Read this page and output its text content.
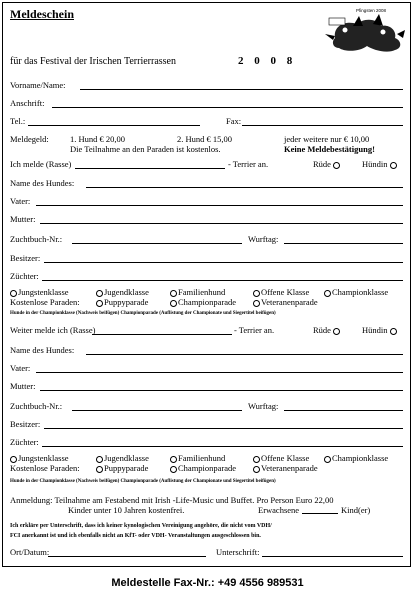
Meldeschein
für das Festival der Irischen Terrierrassen	2 0 0 8
Pfingsten 2008
Vorname/Name:
Anschrift:
Tel.:	Fax:
Meldegeld:	1. Hund € 20,00	2. Hund € 15,00	jeder weitere nur € 10,00
Die Teilnahme an den Paraden ist kostenlos.	Keine Meldebestätigung!
Ich melde (Rasse)	- Terrier an.	Rüde	Hündin
Name des Hundes:
Vater:
Mutter:
Zuchtbuch-Nr.:	Wurftag:
Besitzer:
Züchter:
Jungstenklasse	Jugendklasse	Familienhund	Offene Klasse	Championklasse
Kostenlose Paraden:	Puppyparade	Championparade	Veteranenparade
Hunde in der Championklasse (Nachweis beifügen) Championparade (Auflistung der Championate und Siegertitel beifügen)
Weiter melde ich (Rasse)	- Terrier an.	Rüde	Hündin
Name des Hundes:
Vater:
Mutter:
Zuchtbuch-Nr.:	Wurftag:
Besitzer:
Züchter:
Jungstenklasse	Jugendklasse	Familienhund	Offene Klasse	Championklasse
Kostenlose Paraden:	Puppyparade	Championparade	Veteranenparade
Hunde in der Championklasse (Nachweis beifügen) Championparade (Auflistung der Championate und Siegertitel beifügen)
Anmeldung: Teilnahme am Festabend mit Irish -Life-Music und Buffet. Pro Person Euro 22,00
Kinder unter 10 Jahren kostenfrei.	Erwachsene	Kind(er)
Ich erkläre per Unterschrift, dass ich keiner kynologischen Vereinigung angehöre, die nicht vom VDH/
FCI anerkannt ist und ich ebenfalls nicht an KfT- oder VDH- Veranstaltungen ausgeschlossen bin.
Ort/Datum:	Unterschrift:
Meldestelle Fax-Nr.: +49 4556 989531
